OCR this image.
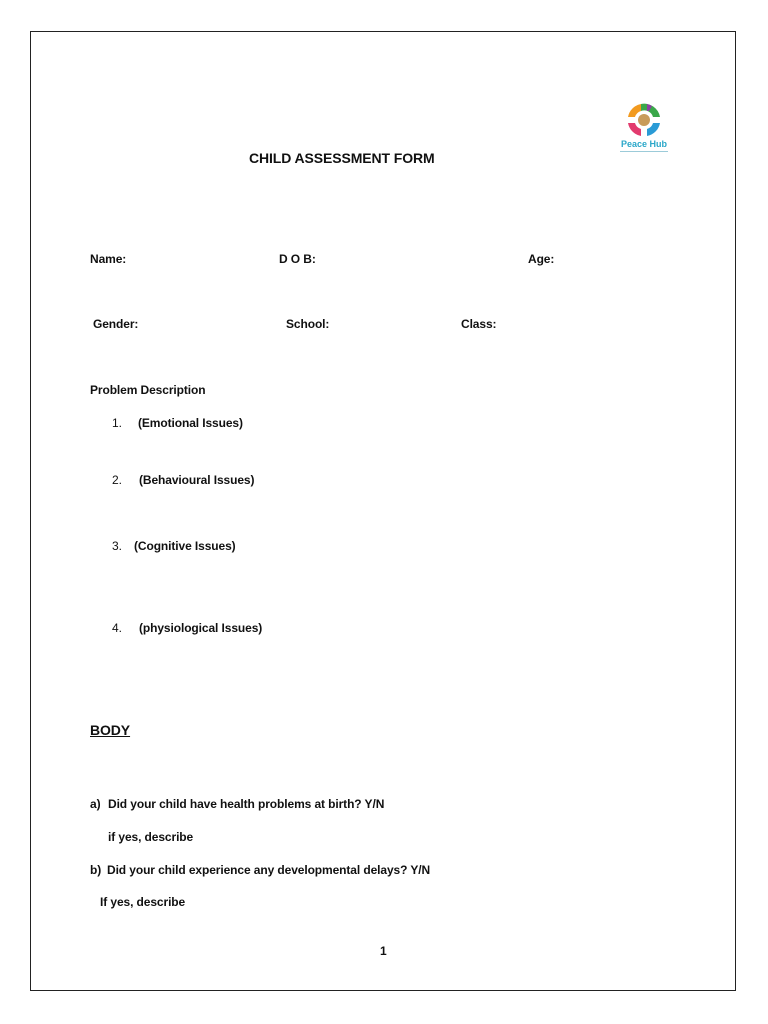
Peace Hub
CHILD ASSESSMENT FORM
Name:	D O B:	Age:
Gender:	School:	Class:
Problem Description
1. (Emotional Issues)
2. (Behavioural Issues)
3. (Cognitive Issues)
4. (physiological Issues)
BODY
a) Did your child have health problems at birth? Y/N
if yes, describe
b) Did your child experience any developmental delays? Y/N
If yes, describe
1
